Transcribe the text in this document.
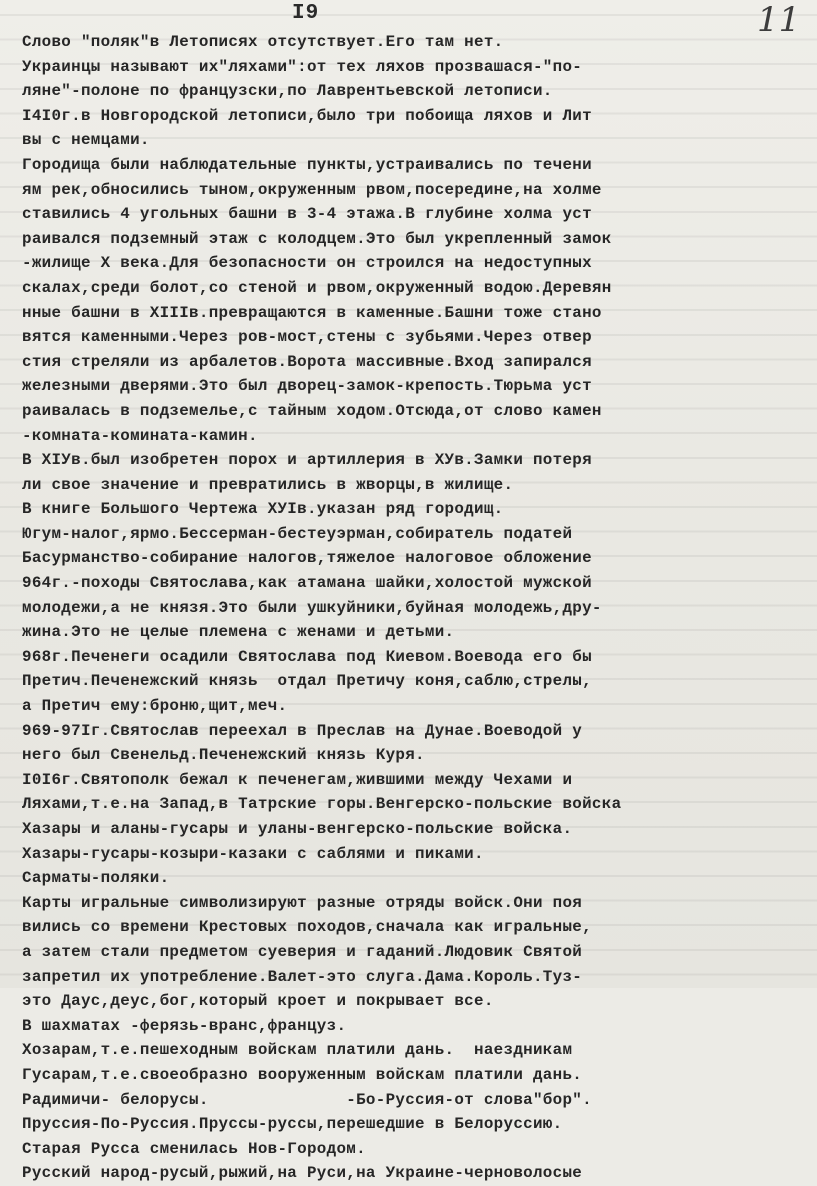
I9	11
Слово "поляк"в Летописях отсутствует.Его там нет.
Украинцы называют их"ляхами":от тех ляхов прозвашася-"по-
ляне"-полоне по французски,по Лаврентьевской летописи.
I4I0г.в Новгородской летописи,было три побоища ляхов и Лит
вы с немцами.
Городища были наблюдательные пункты,устраивались по течени
ям рек,обносились тыном,окруженным рвом,посередине,на холме
ставились 4 угольных башни в 3-4 этажа.В глубине холма уст
раивался подземный этаж с колодцем.Это был укрепленный замок
-жилище X века.Для безопасности он строился на недоступных
скалах,среди болот,со стеной и рвом,окруженный водою.Деревян
нные башни в XIIIв.превращаются в каменные.Башни тоже стано
вятся каменными.Через ров-мост,стены с зубьями.Через отвер
стия стреляли из арбалетов.Ворота массивные.Вход запирался
железными дверями.Это был дворец-замок-крепость.Тюрьма уст
раивалась в подземелье,с тайным ходом.Отсюда,от слово камен
-комната-комината-камин.
В XIУв.был изобретен порох и артиллерия в ХУв.Замки потеря
ли свое значение и превратились в жворцы,в жилище.
В книге Большого Чертежа ХУIв.указан ряд городищ.
Югум-налог,ярмо.Бессерман-бестеуэрман,собиратель податей
Басурманство-собирание налогов,тяжелое налоговое обложение
964г.-походы Святослава,как атамана шайки,холостой мужской
молодежи,а не князя.Это были ушкуйники,буйная молодежь,дру-
жина.Это не целые племена с женами и детьми.
968г.Печенеги осадили Святослава под Киевом.Воевода его бы
Претич.Печенежский князь  отдал Претичу коня,саблю,стрелы,
а Претич ему:броню,щит,меч.
969-97Iг.Святослав переехал в Преслав на Дунае.Воеводой у
него был Свенельд.Печенежский князь Куря.
I0I6г.Святополк бежал к печенегам,жившими между Чехами и
Ляхами,т.е.на Запад,в Татрские горы.Венгерско-польские войска
Хазары и аланы-гусары и уланы-венгерско-польские войска.
Хазары-гусары-козыри-казаки с саблями и пиками.
Сарматы-поляки.
Карты игральные символизируют разные отряды войск.Они поя
вились со времени Крестовых походов,сначала как игральные,
а затем стали предметом суеверия и гаданий.Людовик Святой
запретил их употребление.Валет-это слуга.Дама.Король.Туз-
это Дауc,деус,бог,который кроет и покрывает все.
В шахматах -ферязь-вранс,француз.
Хозарам,т.е.пешеходным войскам платили дань.  наездникам
Гусарам,т.е.своеобразно вооруженным войскам платили дань.
Радимичи- белорусы.              -Бо-Руссия-от слова"бор".
Пруссия-По-Руссия.Пруссы-руссы,перешедшие в Белоруссию.
Старая Русса сменилась Нов-Городом.
Русский народ-русый,рыжий,на Руси,на Украине-черноволосые
